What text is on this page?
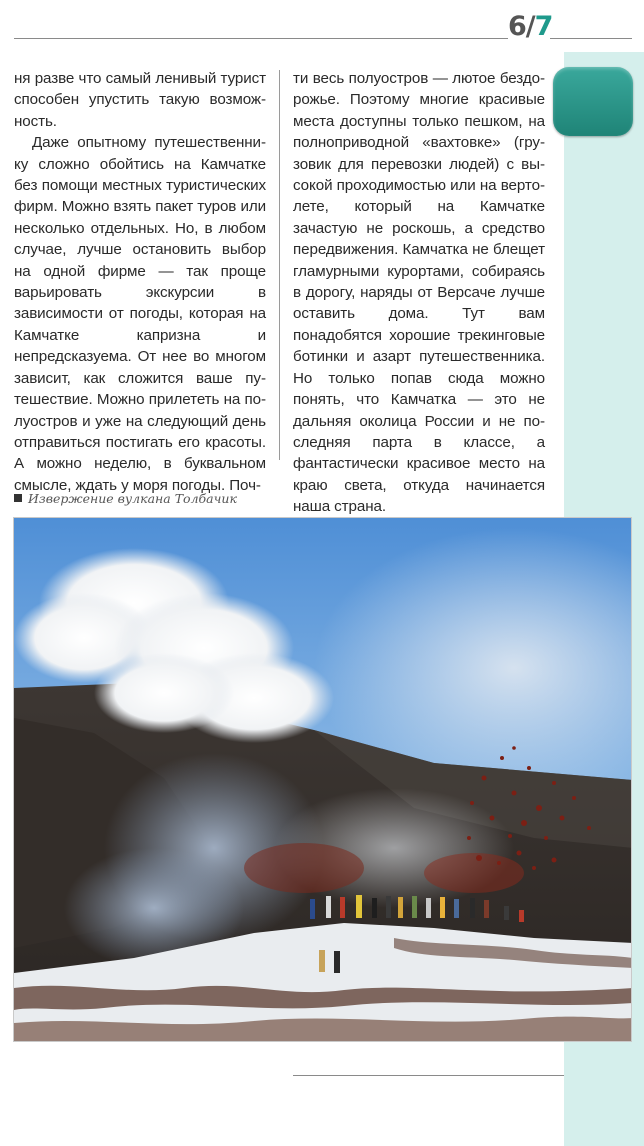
6/7

ня разве что самый ленивый турист способен упустить такую возможность.

Даже опытному путешественнику сложно обойтись на Камчатке без помощи местных туристических фирм. Можно взять пакет туров или несколько отдельных. Но, в любом случае, лучше остановить выбор на одной фирме — так проще варьировать экскурсии в зависимости от погоды, которая на Камчатке капризна и непредсказуема. От нее во многом зависит, как сложится ваше путешествие. Можно прилететь на полуостров и уже на следующий день отправиться постигать его красоты. А можно неделю, в буквальном смысле, ждать у моря погоды. Поч-

ти весь полуостров — лютое бездорожье. Поэтому многие красивые места доступны только пешком, на полноприводной «вахтовке» (грузовик для перевозки людей) с высокой проходимостью или на вертолете, который на Камчатке зачастую не роскошь, а средство передвижения. Камчатка не блещет гламурными курортами, собираясь в дорогу, наряды от Версаче лучше оставить дома. Тут вам понадобятся хорошие трекинговые ботинки и азарт путешественника. Но только попав сюда можно понять, что Камчатка — это не дальняя околица России и не последняя парта в классе, а фантастически красивое место на краю света, откуда начинается наша страна.

Извержение вулкана Толбачик
